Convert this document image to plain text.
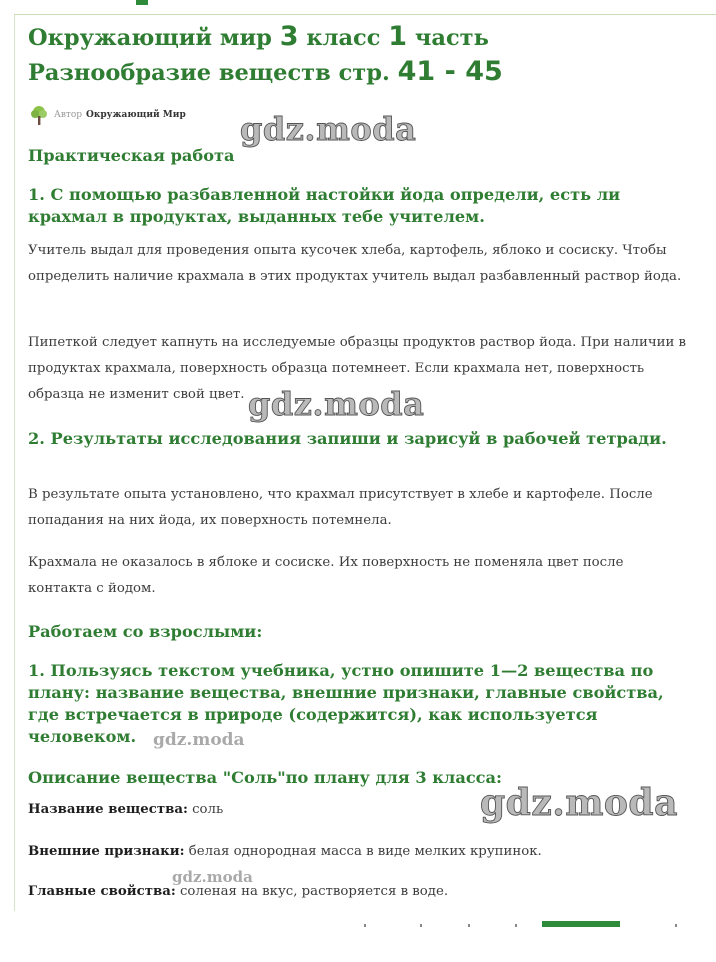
Окружающий мир 3 класс 1 часть Разнообразие веществ стр. 41 - 45
Автор Окружающий Мир
Практическая работа
1. С помощью разбавленной настойки йода определи, есть ли крахмал в продуктах, выданных тебе учителем.

Учитель выдал для проведения опыта кусочек хлеба, картофель, яблоко и сосиску. Чтобы определить наличие крахмала в этих продуктах учитель выдал разбавленный раствор йода.

Пипеткой следует капнуть на исследуемые образцы продуктов раствор йода. При наличии в продуктах крахмала, поверхность образца потемнеет. Если крахмала нет, поверхность образца не изменит свой цвет.

2. Результаты исследования запиши и зарисуй в рабочей тетради.

В результате опыта установлено, что крахмал присутствует в хлебе и картофеле. После попадания на них йода, их поверхность потемнела.

Крахмала не оказалось в яблоке и сосиске. Их поверхность не поменяла цвет после контакта с йодом.

Работаем со взрослыми:
1. Пользуясь текстом учебника, устно опишите 1—2 вещества по плану: название вещества, внешние признаки, главные свойства, где встречается в природе (содержится), как используется человеком.
Описание вещества "Соль"по плану для 3 класса:

Название вещества: соль

Внешние признаки: белая однородная масса в виде мелких крупинок.

Главные свойства: соленая на вкус, растворяется в воде.

gdz.moda
gdz.moda
gdz.moda
gdz.moda
gdz.moda
